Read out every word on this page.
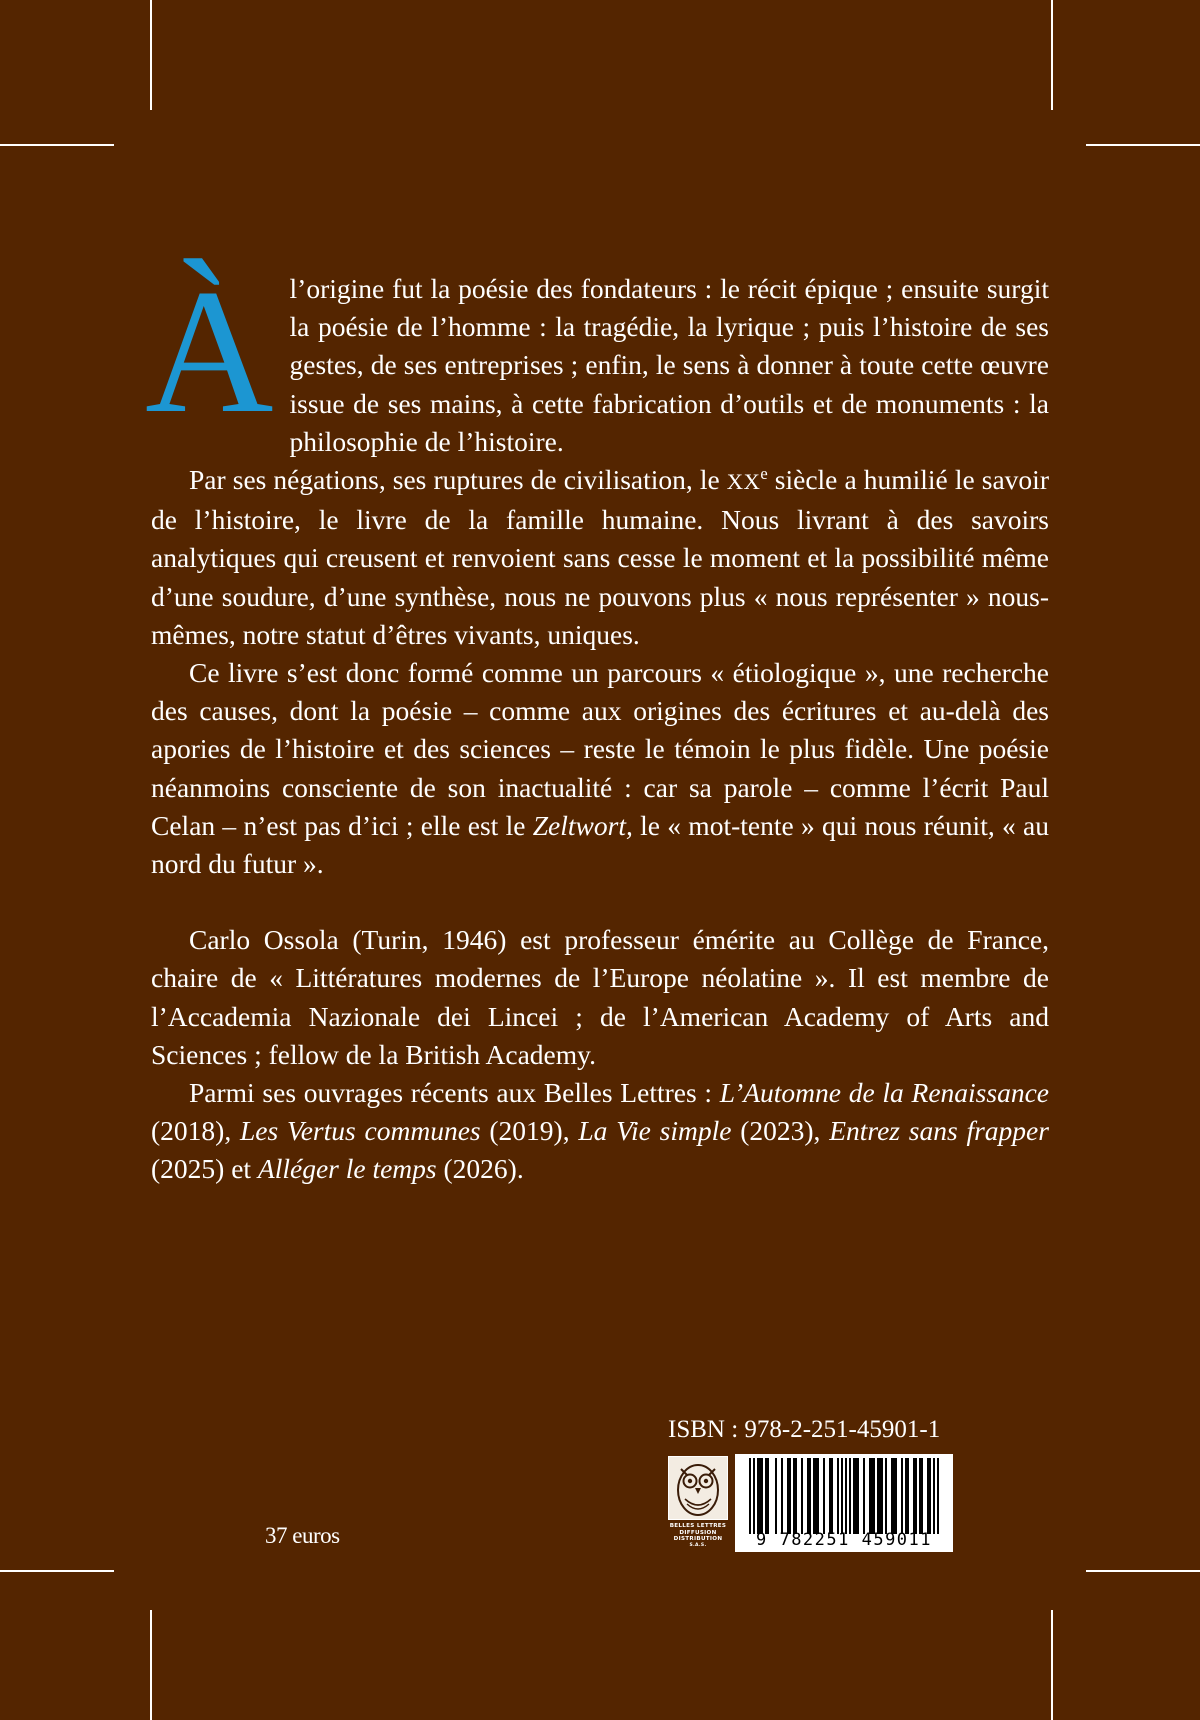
À l’origine fut la poésie des fondateurs : le récit épique ; ensuite surgit la poésie de l’homme : la tragédie, la lyrique ; puis l’histoire de ses gestes, de ses entreprises ; enfin, le sens à donner à toute cette œuvre issue de ses mains, à cette fabrication d’outils et de monuments : la philosophie de l’histoire.

Par ses négations, ses ruptures de civilisation, le XXe siècle a humilié le savoir de l’histoire, le livre de la famille humaine. Nous livrant à des savoirs analytiques qui creusent et renvoient sans cesse le moment et la possibilité même d’une soudure, d’une synthèse, nous ne pouvons plus « nous représenter » nous-mêmes, notre statut d’êtres vivants, uniques.

Ce livre s’est donc formé comme un parcours « étiologique », une recherche des causes, dont la poésie – comme aux origines des écritures et au-delà des apories de l’histoire et des sciences – reste le témoin le plus fidèle. Une poésie néanmoins consciente de son inactualité : car sa parole – comme l’écrit Paul Celan – n’est pas d’ici ; elle est le Zeltwort, le « mot-tente » qui nous réunit, « au nord du futur ».

Carlo Ossola (Turin, 1946) est professeur émérite au Collège de France, chaire de « Littératures modernes de l’Europe néolatine ». Il est membre de l’Accademia Nazionale dei Lincei ; de l’American Academy of Arts and Sciences ; fellow de la British Academy.

Parmi ses ouvrages récents aux Belles Lettres : L’Automne de la Renaissance (2018), Les Vertus communes (2019), La Vie simple (2023), Entrez sans frapper (2025) et Alléger le temps (2026).

37 euros
ISBN : 978-2-251-45901-1
BELLES LETTRES
DIFFUSION
DISTRIBUTION
S.A.S.	9 782251 459011
